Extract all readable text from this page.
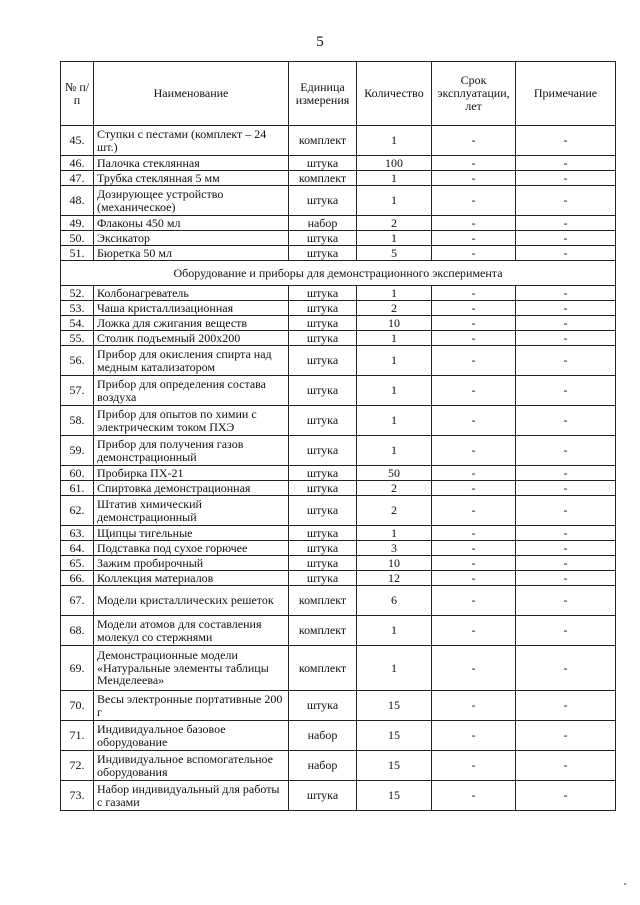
5
№ п/п	Наименование	Единица измерения	Количество	Срок эксплуатации, лет	Примечание
45.	Ступки с пестами (комплект – 24 шт.)	комплект	1	-	-
46.	Палочка стеклянная	штука	100	-	-
47.	Трубка стеклянная 5 мм	комплект	1	-	-
48.	Дозирующее устройство (механическое)	штука	1	-	-
49.	Флаконы 450 мл	набор	2	-	-
50.	Эксикатор	штука	1	-	-
51.	Бюретка 50 мл	штука	5	-	-
Оборудование и приборы для демонстрационного эксперимента					
52.	Колбонагреватель	штука	1	-	-
53.	Чаша кристаллизационная	штука	2	-	-
54.	Ложка для сжигания веществ	штука	10	-	-
55.	Столик подъемный 200х200	штука	1	-	-
56.	Прибор для окисления спирта над медным катализатором	штука	1	-	-
57.	Прибор для определения состава воздуха	штука	1	-	-
58.	Прибор для опытов по химии с электрическим током ПХЭ	штука	1	-	-
59.	Прибор для получения газов демонстрационный	штука	1	-	-
60.	Пробирка ПХ-21	штука	50	-	-
61.	Спиртовка демонстрационная	штука	2	-	-
62.	Штатив химический демонстрационный	штука	2	-	-
63.	Щипцы тигельные	штука	1	-	-
64.	Подставка под сухое горючее	штука	3	-	-
65.	Зажим пробирочный	штука	10	-	-
66.	Коллекция материалов	штука	12	-	-
67.	Модели кристаллических решеток	комплект	6	-	-
68.	Модели атомов для составления молекул со стержнями	комплект	1	-	-
69.	Демонстрационные модели «Натуральные элементы таблицы Менделеева»	комплект	1	-	-
70.	Весы электронные портативные 200 г	штука	15	-	-
71.	Индивидуальное базовое оборудование	набор	15	-	-
72.	Индивидуальное вспомогательное оборудования	набор	15	-	-
73.	Набор индивидуальный для работы с газами	штука	15	-	-
